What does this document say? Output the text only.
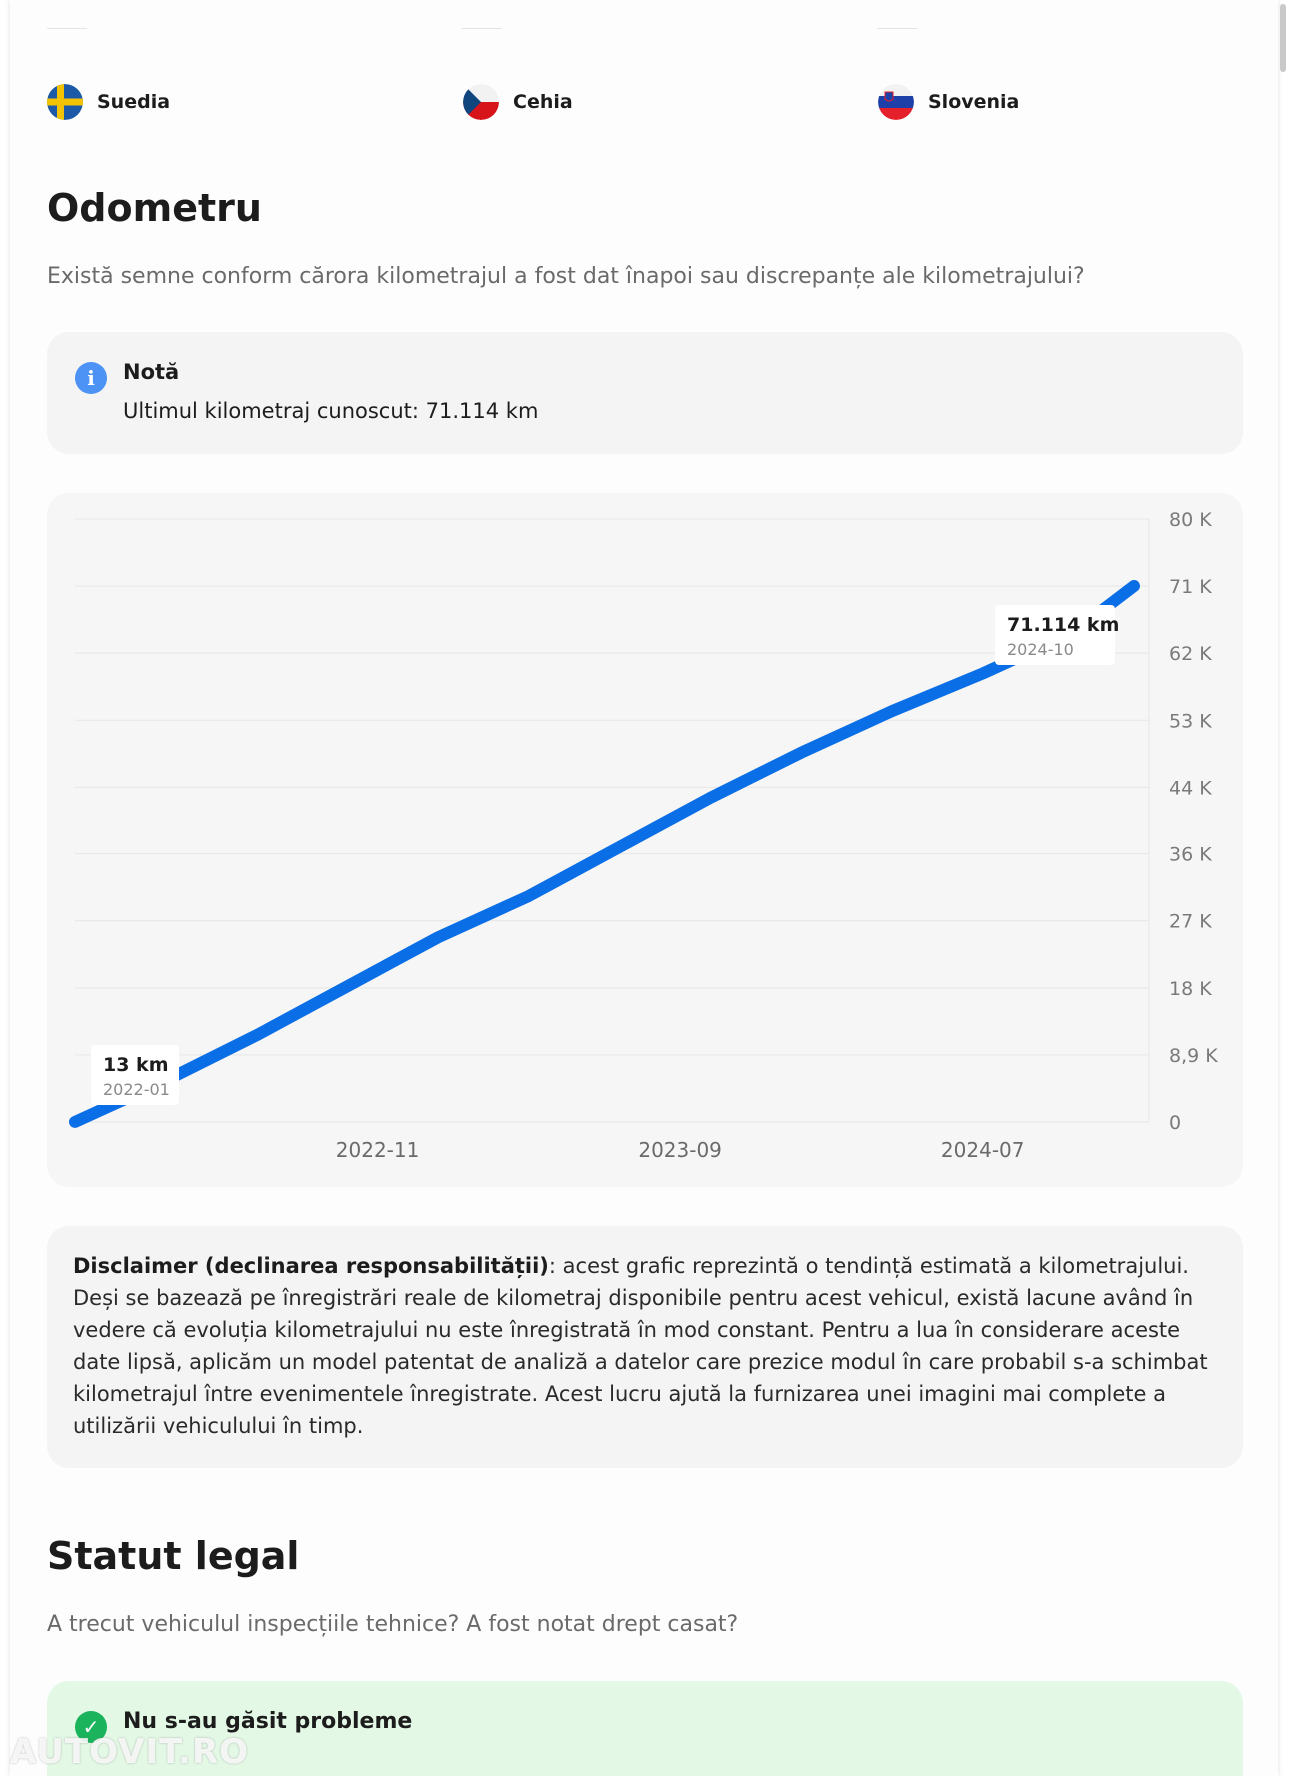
Suedia	Cehia	Slovenia
Odometru
Există semne conform cărora kilometrajul a fost dat înapoi sau discrepanțe ale kilometrajului?
i	Notă
Ultimul kilometraj cunoscut: 71.114 km
0
8,9 K
18 K
27 K
36 K
44 K
53 K
62 K
71 K
80 K
2022-11	2023-09	2024-07
13 km
2022-01
71.114 km
2024-10
Disclaimer (declinarea responsabilității): acest grafic reprezintă o tendință estimată a kilometrajului. Deși se bazează pe înregistrări reale de kilometraj disponibile pentru acest vehicul, există lacune având în vedere că evoluția kilometrajului nu este înregistrată în mod constant. Pentru a lua în considerare aceste date lipsă, aplicăm un model patentat de analiză a datelor care prezice modul în care probabil s-a schimbat kilometrajul între evenimentele înregistrate. Acest lucru ajută la furnizarea unei imagini mai complete a utilizării vehiculului în timp.
Statut legal
A trecut vehiculul inspecțiile tehnice? A fost notat drept casat?
✓	Nu s-au găsit probleme
AUTOVIT.RO
